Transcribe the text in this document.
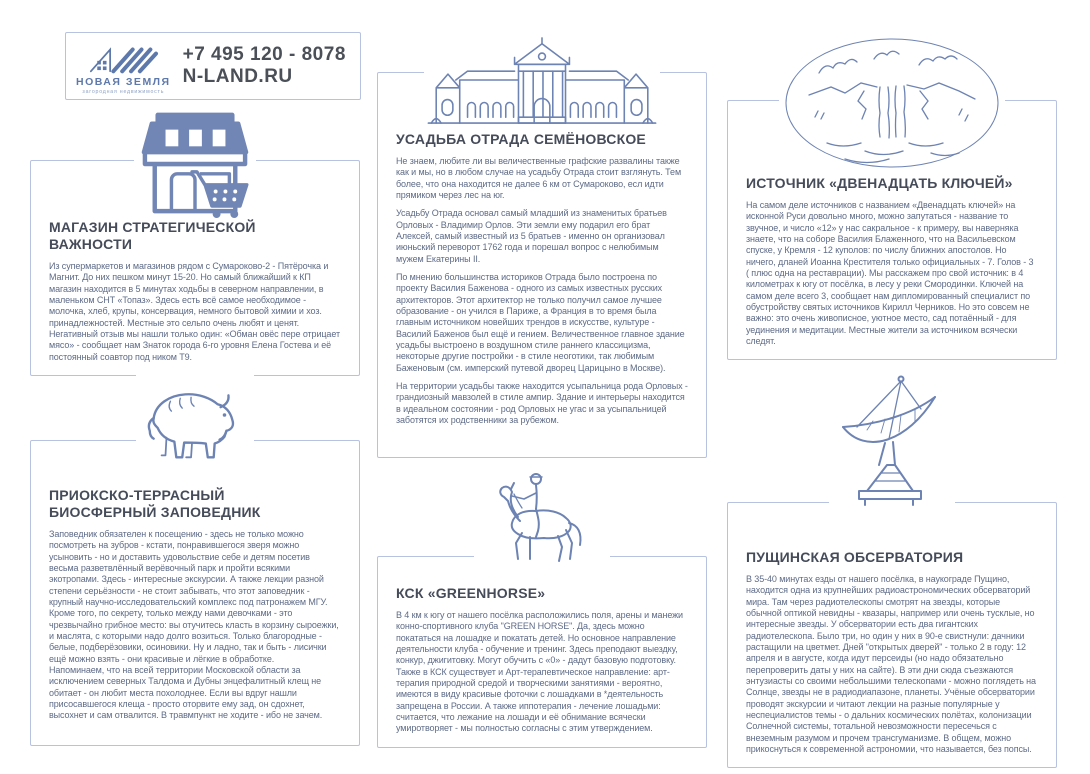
НОВАЯ ЗЕМЛЯ
загородная недвижимость
+7 495 120 - 8078
N-LAND.RU
МАГАЗИН СТРАТЕГИЧЕСКОЙ ВАЖНОСТИ

Из супермаркетов и магазинов рядом с Сумароково-2 - Пятёрочка и Магнит. До них пешком минут 15-20. Но самый ближайший к КП магазин находится в 5 минутах ходьбы в северном направлении, в маленьком СНТ «Топаз». Здесь есть всё самое необходимое - молочка, хлеб, крупы, консервация, немного бытовой химии и хоз. принадлежностей. Местные это сельпо очень любят и ценят. Негативный отзыв мы нашли только один: «Обман овёс пере отрицает мясо» - сообщает нам Знаток города 6-го уровня Елена Гостева и её постоянный соавтор под ником Т9.

УСАДЬБА ОТРАДА СЕМЁНОВСКОЕ

Не знаем, любите ли вы величественные графские развалины также как и мы, но в любом случае на усадьбу Отрада стоит взглянуть. Тем более, что она находится не далее 6 км от Сумароково, есл идти прямиком через лес на юг.

Усадьбу Отрада основал самый младший из знаменитых братьев Орловых - Владимир Орлов. Эти земли ему подарил его брат Алексей, самый известный из 5 братьев - именно он организовал июньский переворот 1762 года и порешал вопрос с нелюбимым мужем Екатерины II.

По мнению большинства историков Отрада было построена по проекту Василия Баженова - одного из самых известных русских архитекторов. Этот архитектор не только получил самое лучшее образование - он учился в Париже, а Франция в то время была главным источником новейших трендов в искусстве, культуре - Василий Баженов был ещё и гением. Величественное главное здание усадьбы выстроено в воздушном стиле раннего классицизма, некоторые другие постройки - в стиле неоготики, так любимым Баженовым (см. имперский путевой дворец Царицыно в Москве).

На территории усадьбы также находится усыпальница рода Орловых - грандиозный мавзолей в стиле ампир. Здание и интерьеры находится в идеальном состоянии - род Орловых не угас и за усыпальницей заботятся их родственники за рубежом.

ИСТОЧНИК «ДВЕНАДЦАТЬ КЛЮЧЕЙ»

На самом деле источников с названием «Двенадцать ключей» на исконной Руси довольно много, можно запутаться - название то звучное, и число «12» у нас сакральное - к примеру, вы наверняка знаете, что на соборе Василия Блаженного, что на Васильевском спуске, у Кремля - 12 куполов: по числу ближних апостолов. Но ничего, дланей Иоанна Крестителя только официальных - 7. Голов - 3 ( плюс одна на реставрации). Мы расскажем про свой источник: в 4 километрах к югу от посёлка, в лесу у реки Смородинки. Ключей на самом деле всего 3, сообщает нам дипломированный специалист по обустройству святых источников Кирилл Черников. Но это совсем не важно: это очень живописное, уютное место, сад потаённый - для уединения и медитации. Местные жители за источником всячески следят.

ПРИОКСКО-ТЕРРАСНЫЙ БИОСФЕРНЫЙ ЗАПОВЕДНИК

Заповедник обязателен к посещению - здесь не только можно посмотреть на зубров - кстати, понравившегося зверя можно усыновить - но и доставить удовольствие себе и детям посетив весьма разветвлённый верёвочный парк и пройти всякими экотропами. Здесь - интересные экскурсии. А также лекции разной степени серьёзности - не стоит забывать, что этот заповедник - крупный научно-исследовательский комплекс под патронажем МГУ.

Кроме того, по секрету, только между нами девочками - это чрезвычайно грибное место: вы отучитесь класть в корзину сыроежки, и маслята, с которыми надо долго возиться. Только благородные - белые, подберёзовики, осиновики. Ну и ладно, так и быть - лисички ещё можно взять - они красивые и лёгкие в обработке.

Напоминаем, что на всей территории Московской области за исключением северных Талдома и Дубны энцефалитный клещ не обитает - он любит места похолоднее. Если вы вдруг нашли присосавшегося клеща - просто оторвите ему зад, он сдохнет, высохнет и сам отвалится. В травмпункт не ходите - ибо не зачем.

КСК «GREENHORSE»

В 4 км к югу от нашего посёлка расположились поля, арены и манежи конно-спортивного клуба "GREEN HORSE". Да, здесь можно покататься на лошадке и покатать детей. Но основное направление деятельности клуба - обучение и тренинг. Здесь преподают выездку, конкур, джигитовку. Могут обучить с «0» - дадут базовую подготовку. Также в КСК существует и Арт-терапевтическое направление: арт-терапия природной средой и творческими занятиями - вероятно, имеются в виду красивые фоточки с лошадками в *деятельность запрещена в России. А также иппотерапия - лечение лошадьми: считается, что лежание на лошади и её обнимание всячески умиротворяет - мы полностью согласны с этим утверждением.

ПУЩИНСКАЯ ОБСЕРВАТОРИЯ

В 35-40 минутах езды от нашего посёлка, в наукограде Пущино, находится одна из крупнейших радиоастрономических обсерваторий мира. Там через радиотелескопы смотрят на звезды, которые обычной оптикой невидны - квазары, например или очень тусклые, но интересные звезды. У обсерватории есть два гигантских радиотелескопа. Было три, но один у них в 90-е свистнули: дачники растащили на цветмет. Дней "открытых дверей" - только 2 в году: 12 апреля и в августе, когда идут персеиды (но надо обязательно перепроверить даты у них на сайте). В эти дни сюда съезжаются энтузиасты со своими небольшими телескопами - можно поглядеть на Солнце, звезды не в радиодиапазоне, планеты. Учёные обсерватории проводят экскурсии и читают лекции на разные популярные у неспециалистов темы - о дальних космических полётах, колонизации Солнечной системы, тотальной невозможности пересечься с внеземным разумом и прочем трансгуманизме. В общем, можно прикоснуться к современной астрономии, что называется, без попсы.
